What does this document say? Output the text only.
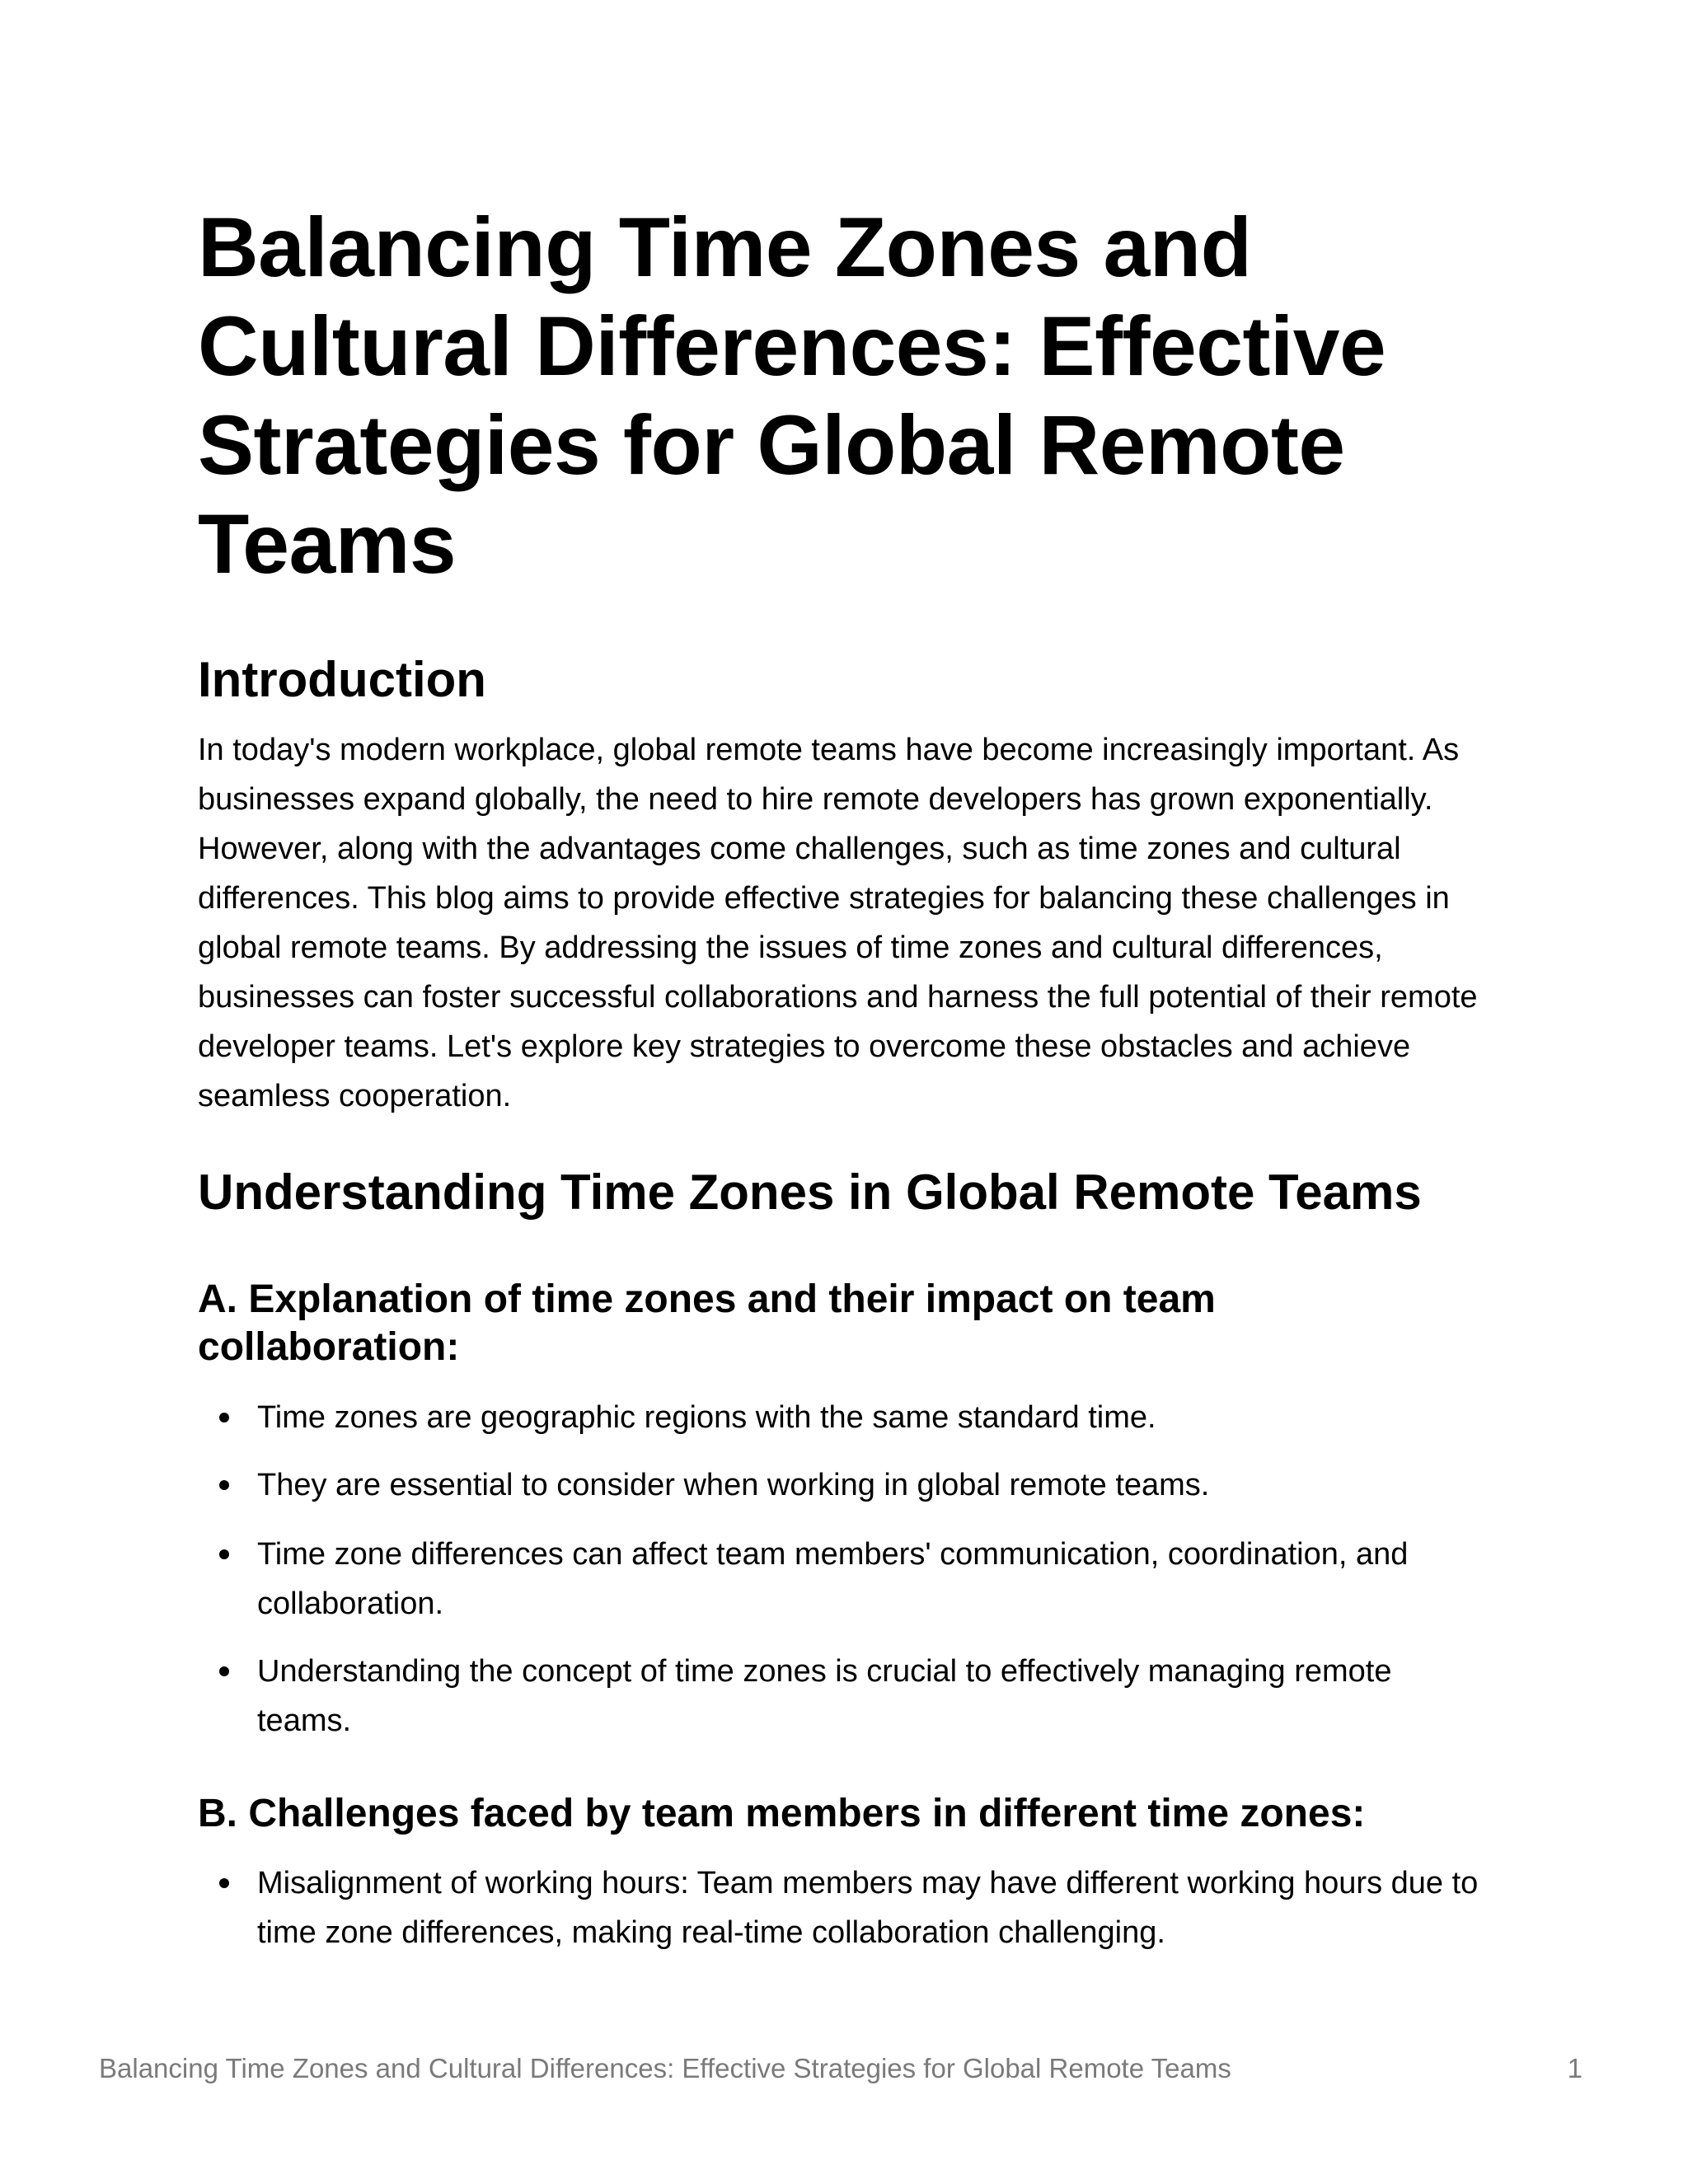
Balancing Time Zones and Cultural Differences: Effective Strategies for Global Remote Teams
Introduction

In today's modern workplace, global remote teams have become increasingly important. As businesses expand globally, the need to hire remote developers has grown exponentially. However, along with the advantages come challenges, such as time zones and cultural differences. This blog aims to provide effective strategies for balancing these challenges in global remote teams. By addressing the issues of time zones and cultural differences, businesses can foster successful collaborations and harness the full potential of their remote developer teams. Let's explore key strategies to overcome these obstacles and achieve seamless cooperation.

Understanding Time Zones in Global Remote Teams
A. Explanation of time zones and their impact on team collaboration:
Time zones are geographic regions with the same standard time.
They are essential to consider when working in global remote teams.
Time zone differences can affect team members' communication, coordination, and collaboration.
Understanding the concept of time zones is crucial to effectively managing remote teams.
B. Challenges faced by team members in different time zones:
Misalignment of working hours: Team members may have different working hours due to time zone differences, making real-time collaboration challenging.
Balancing Time Zones and Cultural Differences: Effective Strategies for Global Remote Teams	1
